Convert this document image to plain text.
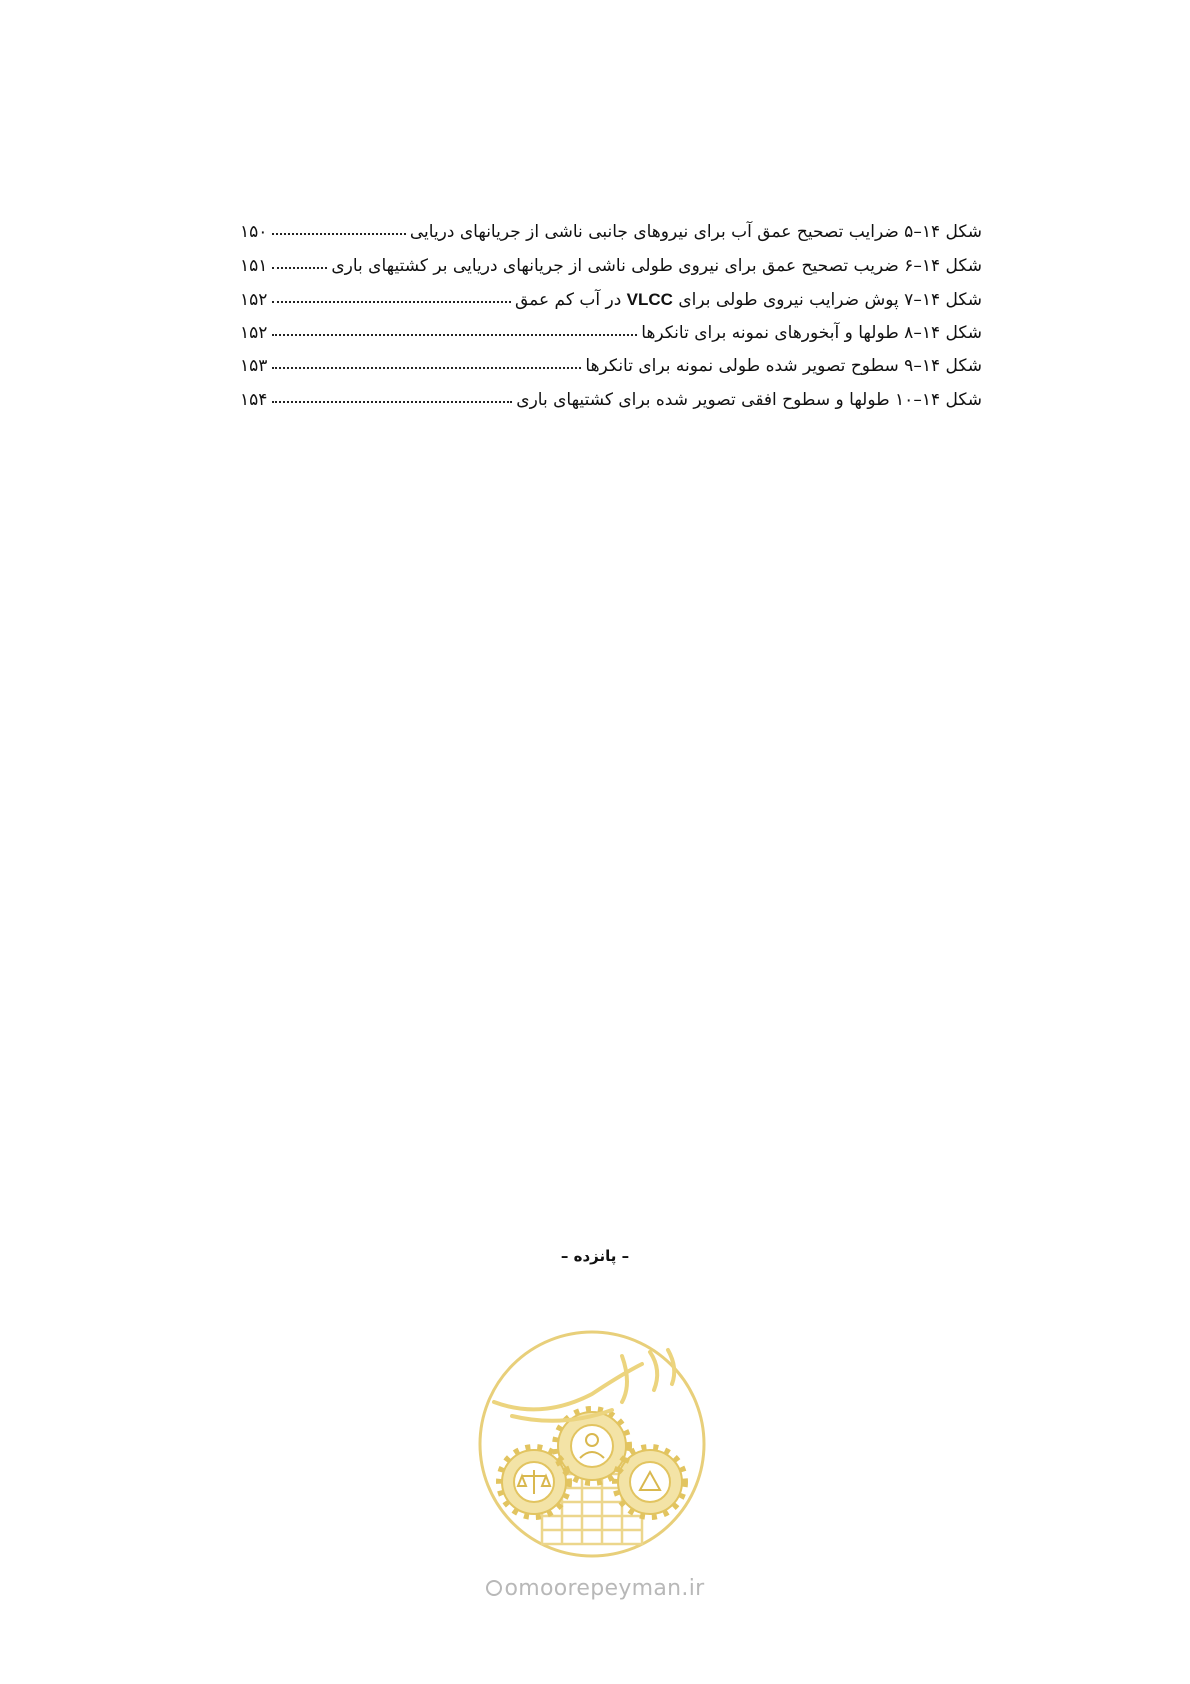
شکل ۱۴–۵ ضرایب تصحیح عمق آب برای نیروهای جانبی ناشی از جریانهای دریایی
۱۵۰
شکل ۱۴–۶ ضریب تصحیح عمق برای نیروی طولی ناشی از جریانهای دریایی بر کشتیهای باری
۱۵۱
شکل ۱۴–۷ پوش ضرایب نیروی طولی برای VLCC در آب کم عمق
۱۵۲
شکل ۱۴–۸ طولها و آبخورهای نمونه برای تانکرها
۱۵۲
شکل ۱۴–۹ سطوح تصویر شده طولی نمونه برای تانکرها
۱۵۳
شکل ۱۴–۱۰ طولها و سطوح افقی تصویر شده برای کشتیهای باری
۱۵۴
– پانزده –
omoorepeyman.ir
